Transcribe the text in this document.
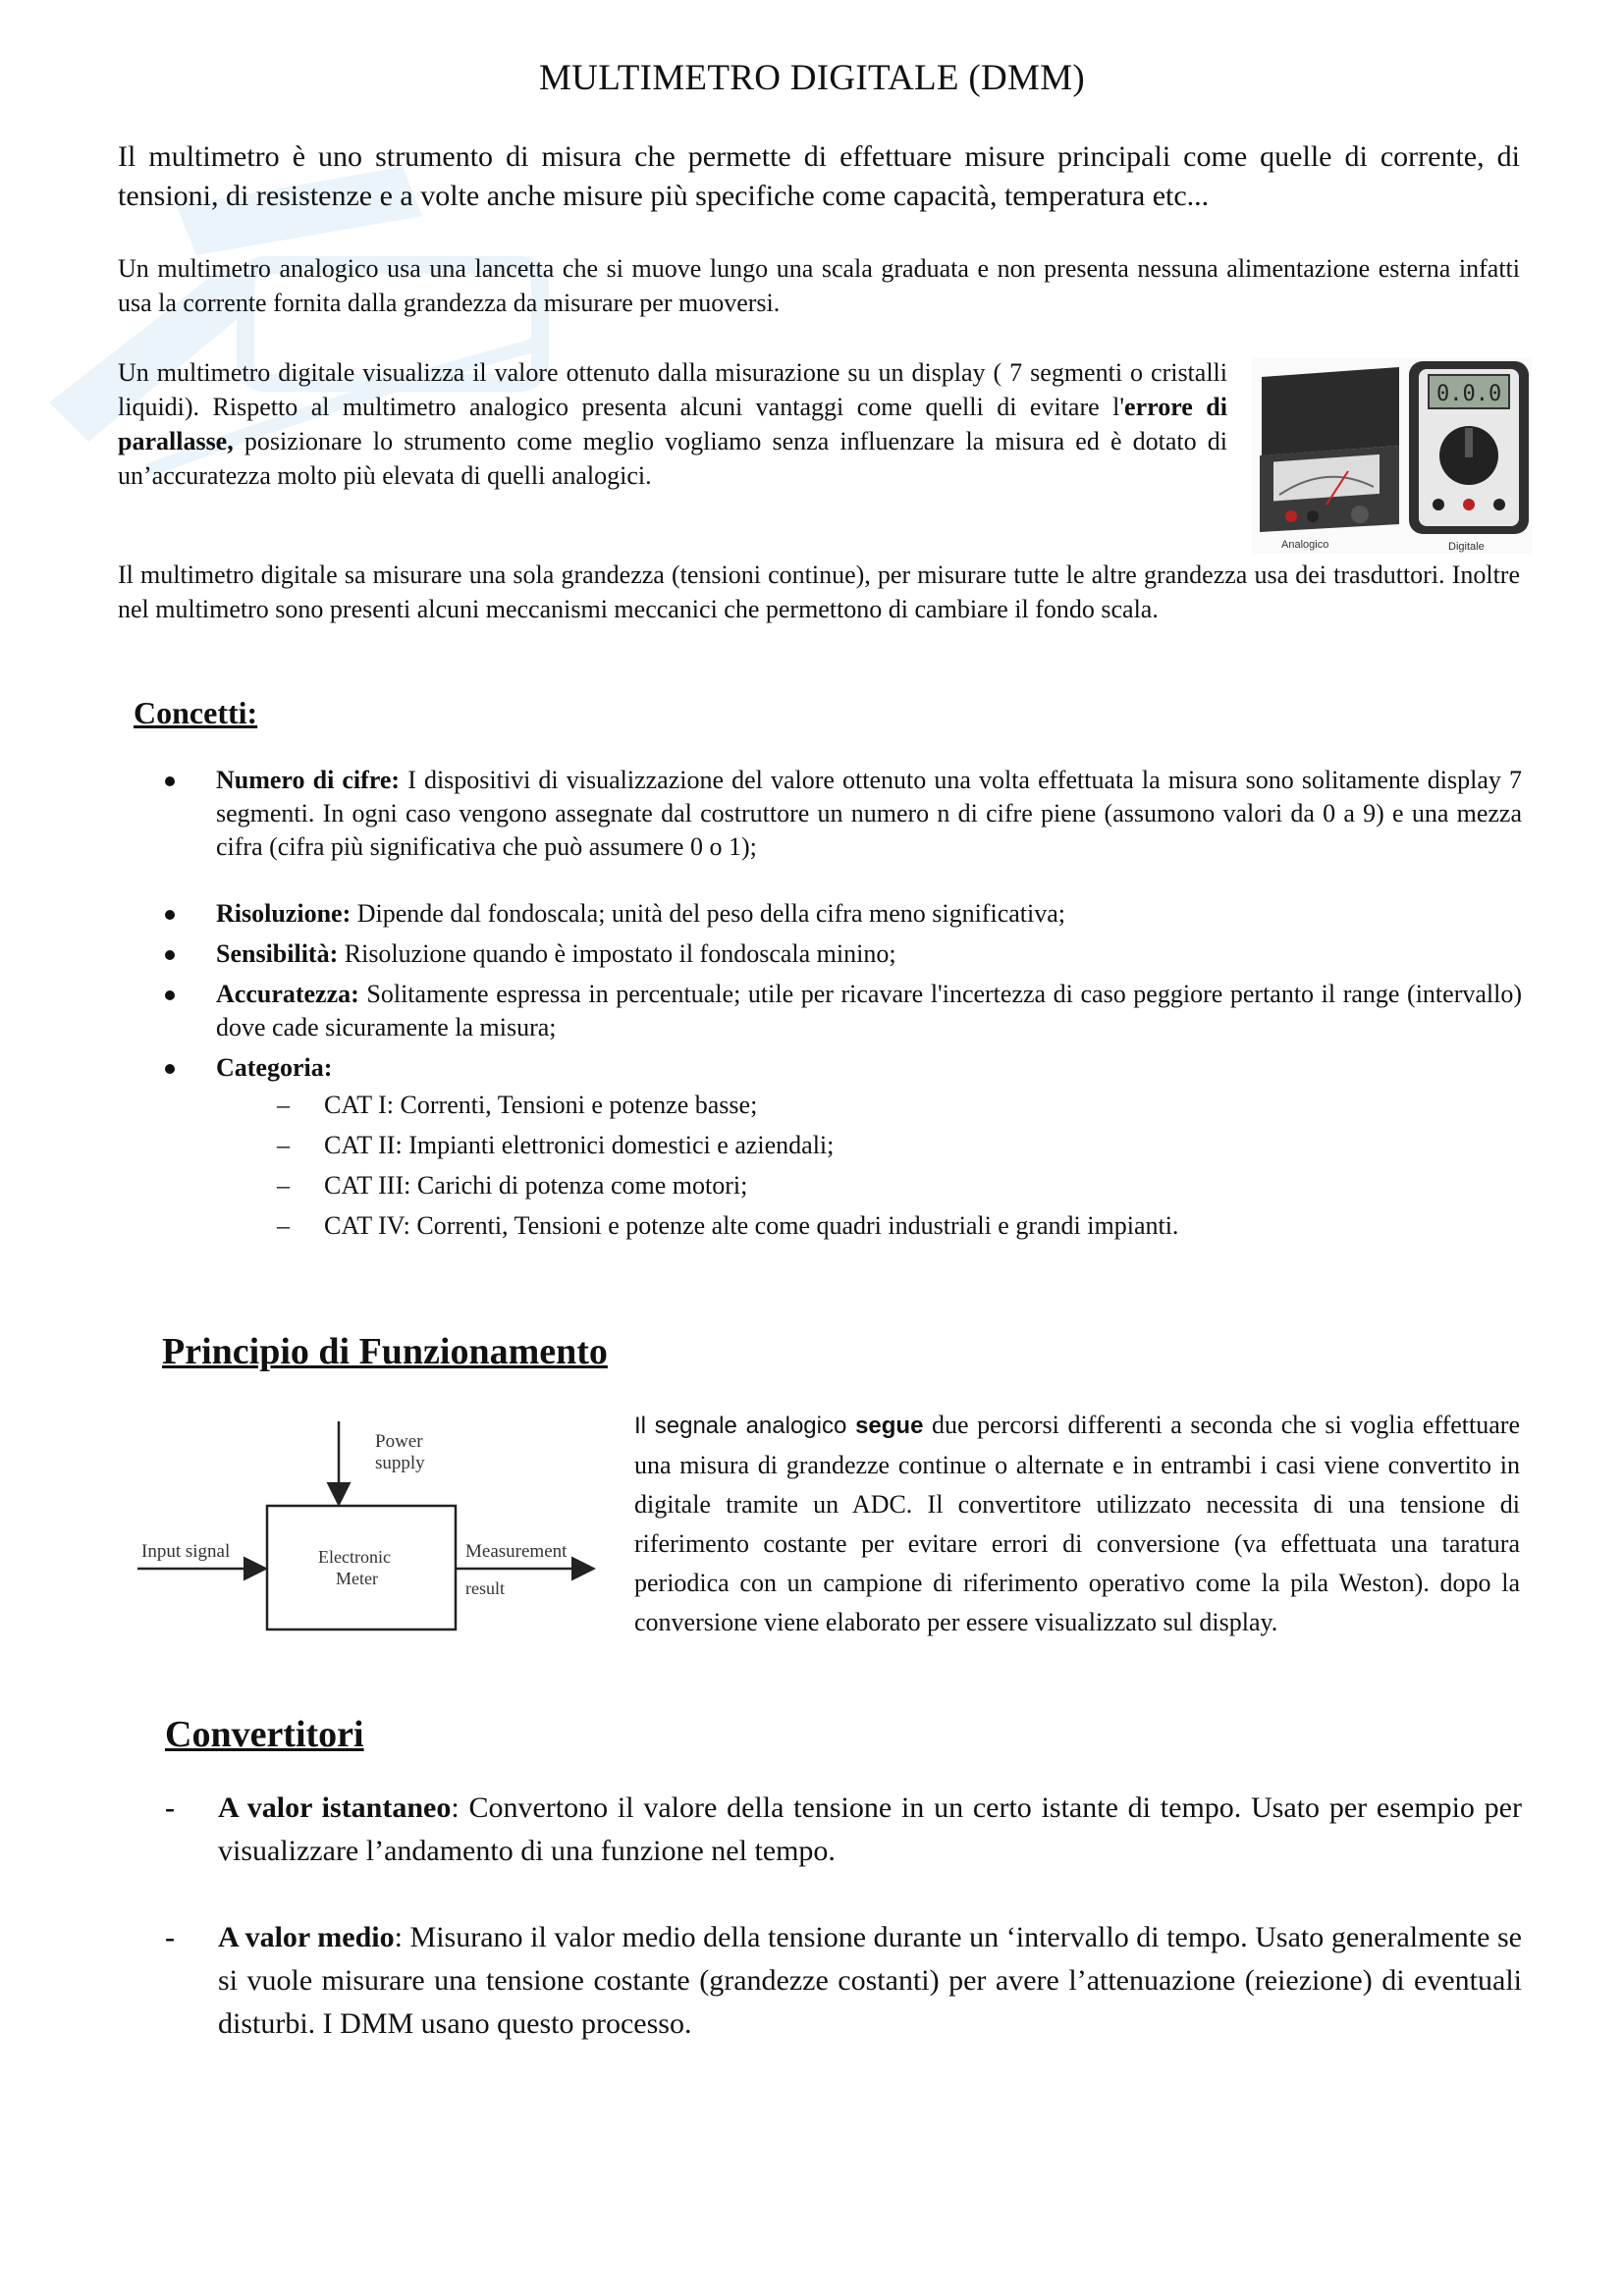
MULTIMETRO DIGITALE (DMM)
Il multimetro è uno strumento di misura che permette di effettuare misure principali come quelle di corrente, di tensioni, di resistenze e a volte anche misure più specifiche come capacità, temperatura etc...
Un multimetro analogico usa una lancetta che si muove lungo una scala graduata e non presenta nessuna alimentazione esterna infatti usa la corrente fornita dalla grandezza da misurare per muoversi.
Un multimetro digitale visualizza il valore ottenuto dalla misurazione su un display ( 7 segmenti o cristalli liquidi). Rispetto al multimetro analogico presenta alcuni vantaggi come quelli di evitare l'errore di parallasse, posizionare lo strumento come meglio vogliamo senza influenzare la misura ed è dotato di un’accuratezza molto più elevata di quelli analogici.
Analogico
0.0.0
Digitale
Il multimetro digitale sa misurare una sola grandezza (tensioni continue), per misurare tutte le altre grandezza usa dei trasduttori. Inoltre nel multimetro sono presenti alcuni meccanismi meccanici che permettono di cambiare il fondo scala.
Concetti:
Numero di cifre: I dispositivi di visualizzazione del valore ottenuto una volta effettuata la misura sono solitamente display 7 segmenti. In ogni caso vengono assegnate dal costruttore un numero n di cifre piene (assumono valori da 0 a 9) e una mezza cifra (cifra più significativa che può assumere 0 o 1);
Risoluzione: Dipende dal fondoscala; unità del peso della cifra meno significativa;
Sensibilità: Risoluzione quando è impostato il fondoscala minino;
Accuratezza: Solitamente espressa in percentuale; utile per ricavare l'incertezza di caso peggiore pertanto il range (intervallo) dove cade sicuramente la misura;
Categoria:
– CAT I: Correnti, Tensioni e potenze basse;
– CAT II: Impianti elettronici domestici e aziendali;
– CAT III: Carichi di potenza come motori;
– CAT IV: Correnti, Tensioni e potenze alte come quadri industriali e grandi impianti.
Principio di Funzionamento
Power
supply
Input signal	Electronic
Meter
Measurement
result
Il segnale analogico segue due percorsi differenti a seconda che si voglia effettuare una misura di grandezze continue o alternate e in entrambi i casi viene convertito in digitale tramite un ADC. Il convertitore utilizzato necessita di una tensione di riferimento costante per evitare errori di conversione (va effettuata una taratura periodica con un campione di riferimento operativo come la pila Weston). dopo la conversione viene elaborato per essere visualizzato sul display.
Convertitori
- A valor istantaneo: Convertono il valore della tensione in un certo istante di tempo. Usato per esempio per visualizzare l’andamento di una funzione nel tempo.
- A valor medio: Misurano il valor medio della tensione durante un ‘intervallo di tempo. Usato generalmente se si vuole misurare una tensione costante (grandezze costanti) per avere l’attenuazione (reiezione) di eventuali disturbi. I DMM usano questo processo.
